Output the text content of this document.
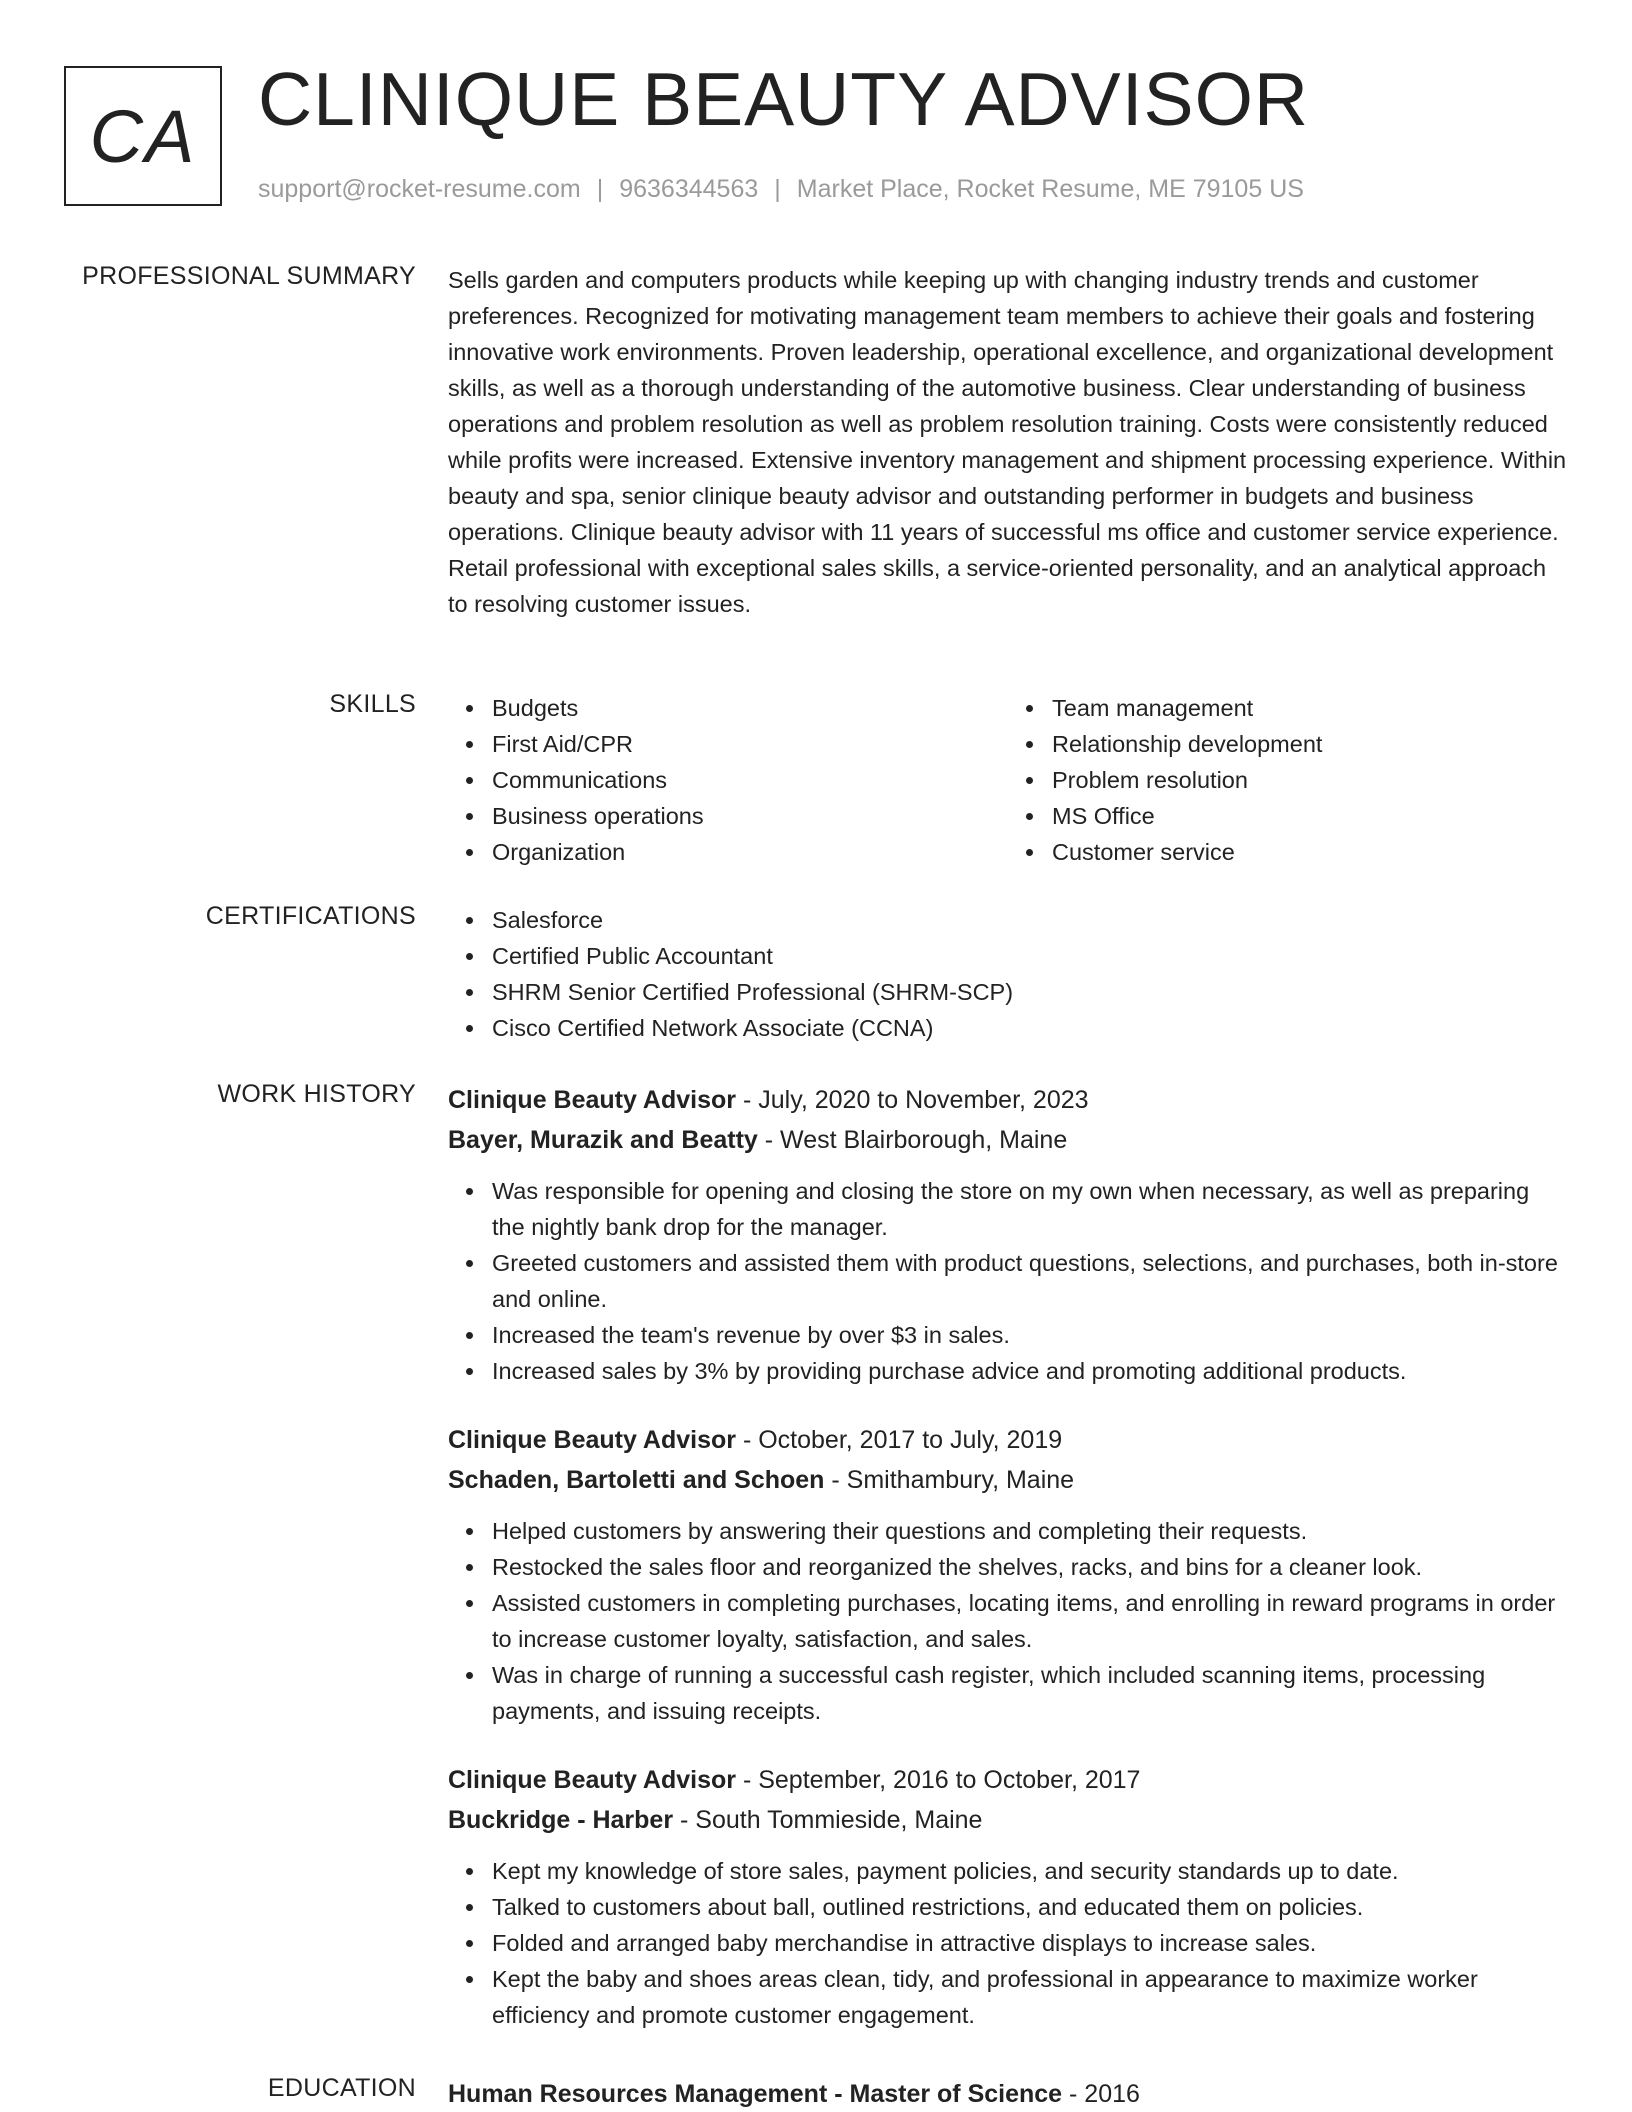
CA CLINIQUE BEAUTY ADVISOR
support@rocket-resume.com | 9636344563 | Market Place, Rocket Resume, ME 79105 US
PROFESSIONAL SUMMARY Sells garden and computers products while keeping up with changing industry trends and customer preferences. Recognized for motivating management team members to achieve their goals and fostering innovative work environments. Proven leadership, operational excellence, and organizational development skills, as well as a thorough understanding of the automotive business. Clear understanding of business operations and problem resolution as well as problem resolution training. Costs were consistently reduced while profits were increased. Extensive inventory management and shipment processing experience. Within beauty and spa, senior clinique beauty advisor and outstanding performer in budgets and business operations. Clinique beauty advisor with 11 years of successful ms office and customer service experience. Retail professional with exceptional sales skills, a service-oriented personality, and an analytical approach to resolving customer issues.

SKILLS	Budgets
First Aid/CPR
Communications
Business operations
Organization
Team management
Relationship development
Problem resolution
MS Office
Customer service
CERTIFICATIONS	Salesforce
Certified Public Accountant
SHRM Senior Certified Professional (SHRM-SCP)
Cisco Certified Network Associate (CCNA)
WORK HISTORY Clinique Beauty Advisor - July, 2020 to November, 2023
Bayer, Murazik and Beatty - West Blairborough, Maine
Was responsible for opening and closing the store on my own when necessary, as well as preparing the nightly bank drop for the manager.
Greeted customers and assisted them with product questions, selections, and purchases, both in-store and online.
Increased the team's revenue by over $3 in sales.
Increased sales by 3% by providing purchase advice and promoting additional products.
Clinique Beauty Advisor - October, 2017 to July, 2019
Schaden, Bartoletti and Schoen - Smithambury, Maine
Helped customers by answering their questions and completing their requests.
Restocked the sales floor and reorganized the shelves, racks, and bins for a cleaner look.
Assisted customers in completing purchases, locating items, and enrolling in reward programs in order to increase customer loyalty, satisfaction, and sales.
Was in charge of running a successful cash register, which included scanning items, processing payments, and issuing receipts.
Clinique Beauty Advisor - September, 2016 to October, 2017
Buckridge - Harber - South Tommieside, Maine
Kept my knowledge of store sales, payment policies, and security standards up to date.
Talked to customers about ball, outlined restrictions, and educated them on policies.
Folded and arranged baby merchandise in attractive displays to increase sales.
Kept the baby and shoes areas clean, tidy, and professional in appearance to maximize worker efficiency and promote customer engagement.
EDUCATION Human Resources Management - Master of Science - 2016
